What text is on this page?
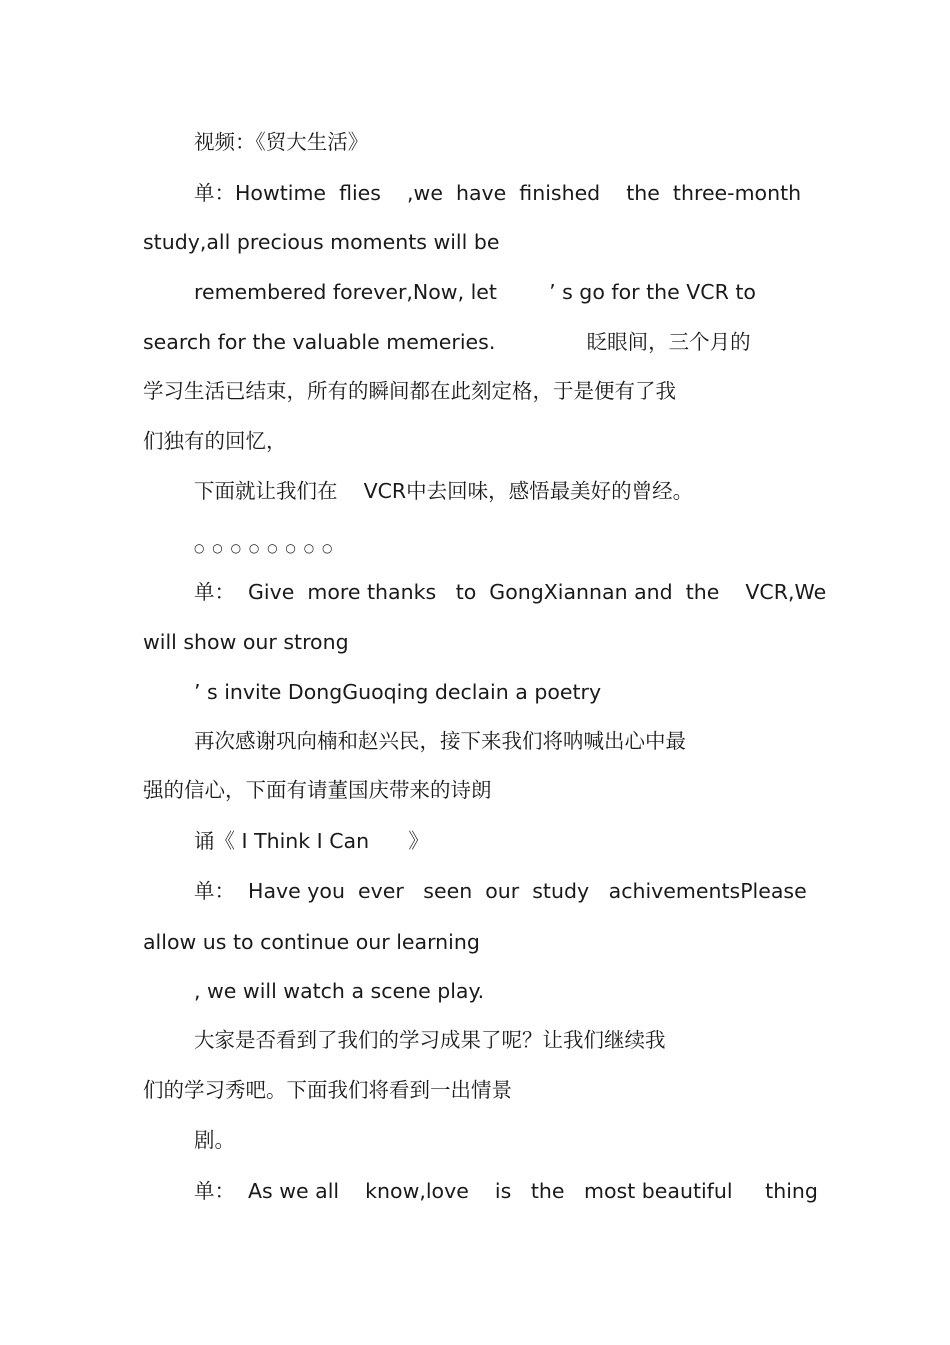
视频：《贸大生活》

单：Howtime  flies    ,we  have  finished    the  three-month

study,all precious moments will be

remembered forever,Now, let        ’ s go for the VCR to

search for the valuable memeries.              眨眼间，三个月的

学习生活已结束，所有的瞬间都在此刻定格，于是便有了我

们独有的回忆，

下面就让我们在    VCR中去回味，感悟最美好的曾经。

○ ○ ○ ○ ○ ○ ○ ○

单：  Give  more thanks   to  GongXiannan and  the    VCR,We

will show our strong

’ s invite DongGuoqing declain a poetry

再次感谢巩向楠和赵兴民，接下来我们将呐喊出心中最

强的信心，下面有请董国庆带来的诗朗

诵《 I Think I Can      》

单：  Have you  ever   seen  our  study   achivementsPlease

allow us to continue our learning

, we will watch a scene play.

大家是否看到了我们的学习成果了呢？让我们继续我

们的学习秀吧。下面我们将看到一出情景

剧。

单：  As we all    know,love    is   the   most beautiful     thing
